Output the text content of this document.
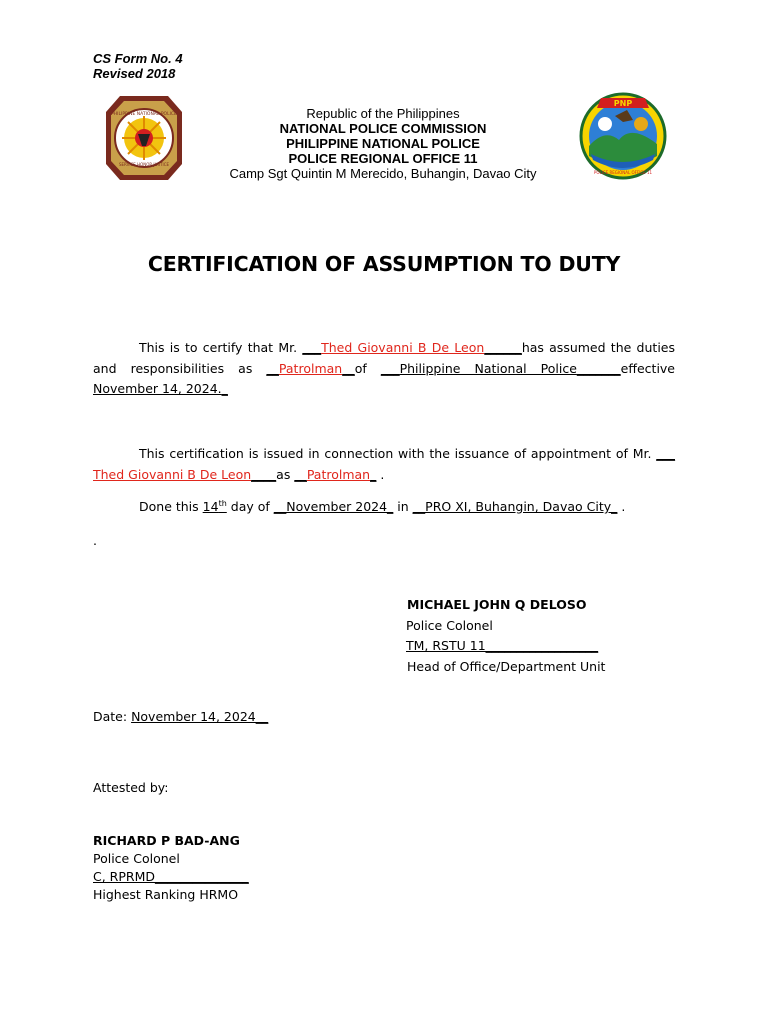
CS Form No. 4
Revised 2018
PHILIPPINE NATIONAL POLICE
SERVICE HONOR JUSTICE
Republic of the Philippines
NATIONAL POLICE COMMISSION
PHILIPPINE NATIONAL POLICE
POLICE REGIONAL OFFICE 11
Camp Sgt Quintin M Merecido, Buhangin, Davao City
PNP
POLICE REGIONAL OFFICE 11
CERTIFICATION OF ASSUMPTION TO DUTY
This is to certify that Mr. ___Thed Giovanni B De Leon______has assumed the duties and responsibilities as __Patrolman__of ___Philippine National Police_______effective November 14, 2024._
This certification is issued in connection with the issuance of appointment of Mr. ___ Thed Giovanni B De Leon____as __Patrolman_ .
Done this 14th day of __November 2024_ in __PRO XI, Buhangin, Davao City_ .
.
MICHAEL JOHN Q DELOSO
Police Colonel
TM, RSTU 11__________________
Head of Office/Department Unit
Date: November 14, 2024__
Attested by:
RICHARD P BAD-ANG
Police Colonel
C, RPRMD_______________
Highest Ranking HRMO
